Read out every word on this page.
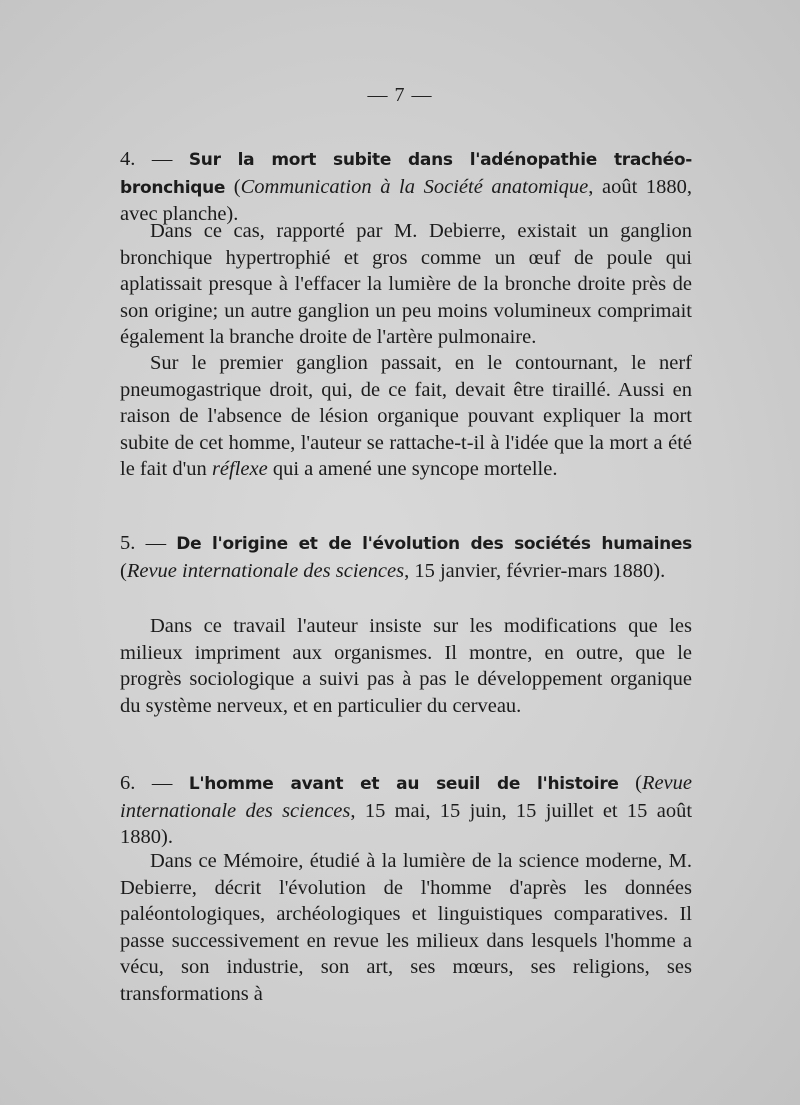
— 7 —
4. — Sur la mort subite dans l'adénopathie trachéo-bronchique (Communication à la Société anatomique, août 1880, avec planche).

Dans ce cas, rapporté par M. Debierre, existait un ganglion bronchique hypertrophié et gros comme un œuf de poule qui aplatissait presque à l'effacer la lumière de la bronche droite près de son origine; un autre ganglion un peu moins volumineux comprimait également la branche droite de l'artère pulmonaire.

Sur le premier ganglion passait, en le contournant, le nerf pneumogastrique droit, qui, de ce fait, devait être tiraillé. Aussi en raison de l'absence de lésion organique pouvant expliquer la mort subite de cet homme, l'auteur se rattache-t-il à l'idée que la mort a été le fait d'un réflexe qui a amené une syncope mortelle.

5. — De l'origine et de l'évolution des sociétés humaines (Revue internationale des sciences, 15 janvier, février-mars 1880).

Dans ce travail l'auteur insiste sur les modifications que les milieux impriment aux organismes. Il montre, en outre, que le progrès sociologique a suivi pas à pas le développement organique du système nerveux, et en particulier du cerveau.

6. — L'homme avant et au seuil de l'histoire (Revue internationale des sciences, 15 mai, 15 juin, 15 juillet et 15 août 1880).

Dans ce Mémoire, étudié à la lumière de la science moderne, M. Debierre, décrit l'évolution de l'homme d'après les données paléontologiques, archéologiques et linguistiques comparatives. Il passe successivement en revue les milieux dans lesquels l'homme a vécu, son industrie, son art, ses mœurs, ses religions, ses transformations à
